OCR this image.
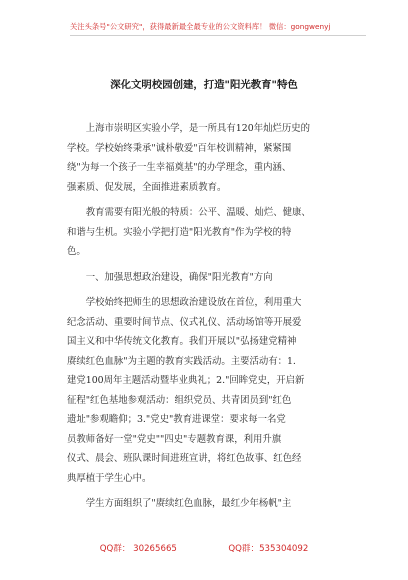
关注头条号"公文研究"，获得最新最全最专业的公文资料库！ 微信：gongwenyj
深化文明校园创建，打造"阳光教育"特色
上海市崇明区实验小学，是一所具有120年灿烂历史的
学校。学校始终秉承"诚朴敬爱"百年校训精神，紧紧围
绕"为每一个孩子一生幸福奠基"的办学理念，重内涵、
强素质、促发展，全面推进素质教育。
教育需要有阳光般的特质：公平、温暖、灿烂、健康、
和谐与生机。实验小学把打造"阳光教育"作为学校的特
色。
一、加强思想政治建设，确保"阳光教育"方向
学校始终把师生的思想政治建设放在首位，利用重大
纪念活动、重要时间节点、仪式礼仪、活动场馆等开展爱
国主义和中华传统文化教育。我们开展以"弘扬建党精神
赓续红色血脉"为主题的教育实践活动。主要活动有：1.
建党100周年主题活动暨毕业典礼；2."回眸党史，开启新
征程"红色基地参观活动：组织党员、共青团员到"红色
遗址"参观瞻仰；3."党史"教育进课堂：要求每一名党
员教师备好一堂"党史""四史"专题教育课，利用升旗
仪式、晨会、班队课时间进班宣讲，将红色故事、红色经
典厚植于学生心中。
学生方面组织了"赓续红色血脉，最红少年杨帆"主
QQ群： 30265665	QQ群：535304092
